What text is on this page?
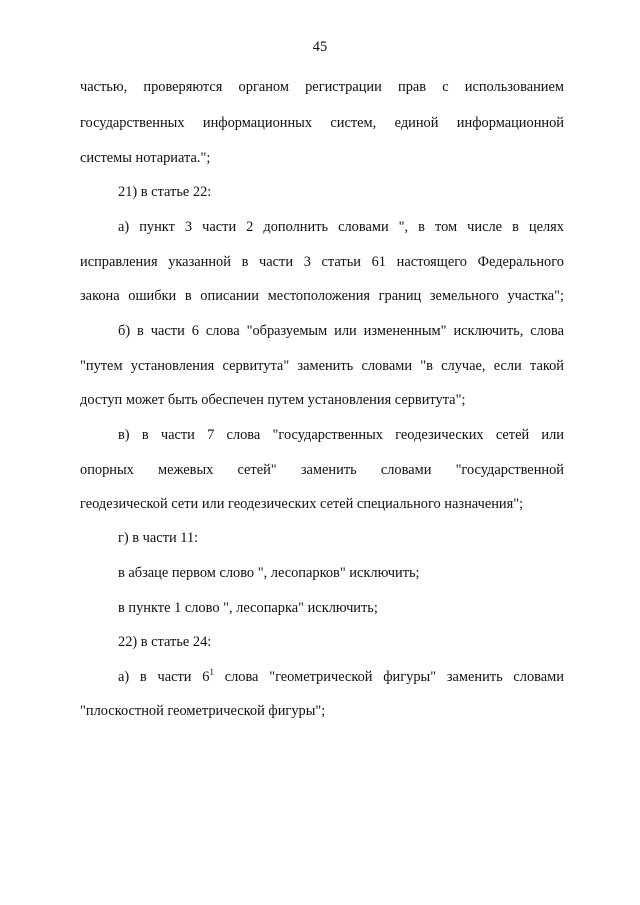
45
частью, проверяются органом регистрации прав с использованием
государственных информационных систем, единой информационной
системы нотариата.";
21) в статье 22:
а) пункт 3 части 2 дополнить словами ", в том числе в целях
исправления указанной в части 3 статьи 61 настоящего Федерального
закона ошибки в описании местоположения границ земельного участка";
б) в части 6 слова "образуемым или измененным" исключить, слова
"путем установления сервитута" заменить словами "в случае, если такой
доступ может быть обеспечен путем установления сервитута";
в) в части 7 слова "государственных геодезических сетей или
опорных межевых сетей" заменить словами "государственной
геодезической сети или геодезических сетей специального назначения";
г) в части 11:
в абзаце первом слово ", лесопарков" исключить;
в пункте 1 слово ", лесопарка" исключить;
22) в статье 24:
а) в части $6^1$ слова "геометрической фигуры" заменить словами
"плоскостной геометрической фигуры";
